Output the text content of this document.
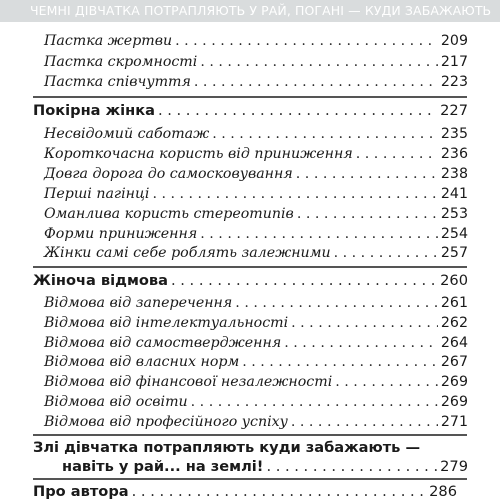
ЧЕМНІ ДІВЧАТКА ПОТРАПЛЯЮТЬ У РАЙ, ПОГАНІ — КУДИ ЗАБАЖАЮТЬ
Пастка жертви . . .	209
Пастка скромності . . .	217
Пастка співчуття . . .	223
Покірна жінка . . .	227
Несвідомий саботаж . . .	235
Короткочасна користь від приниження . . .	236
Довга дорога до самосковування . . .	238
Перші пагінці . . .	241
Оманлива користь стереотипів . . .	253
Форми приниження . . .	254
Жінки самі себе роблять залежними . . .	257
Жіноча відмова . . .	260
Відмова від заперечення . . .	261
Відмова від інтелектуальності . . .	262
Відмова від самоствердження . . .	264
Відмова від власних норм . . .	267
Відмова від фінансової незалежності . . .	269
Відмова від освіти . . .	269
Відмова від професійного успіху . . .	271
Злі дівчатка потрапляють куди забажають —
навіть у рай... на землі! . . .	279
Про автора . . .	286
